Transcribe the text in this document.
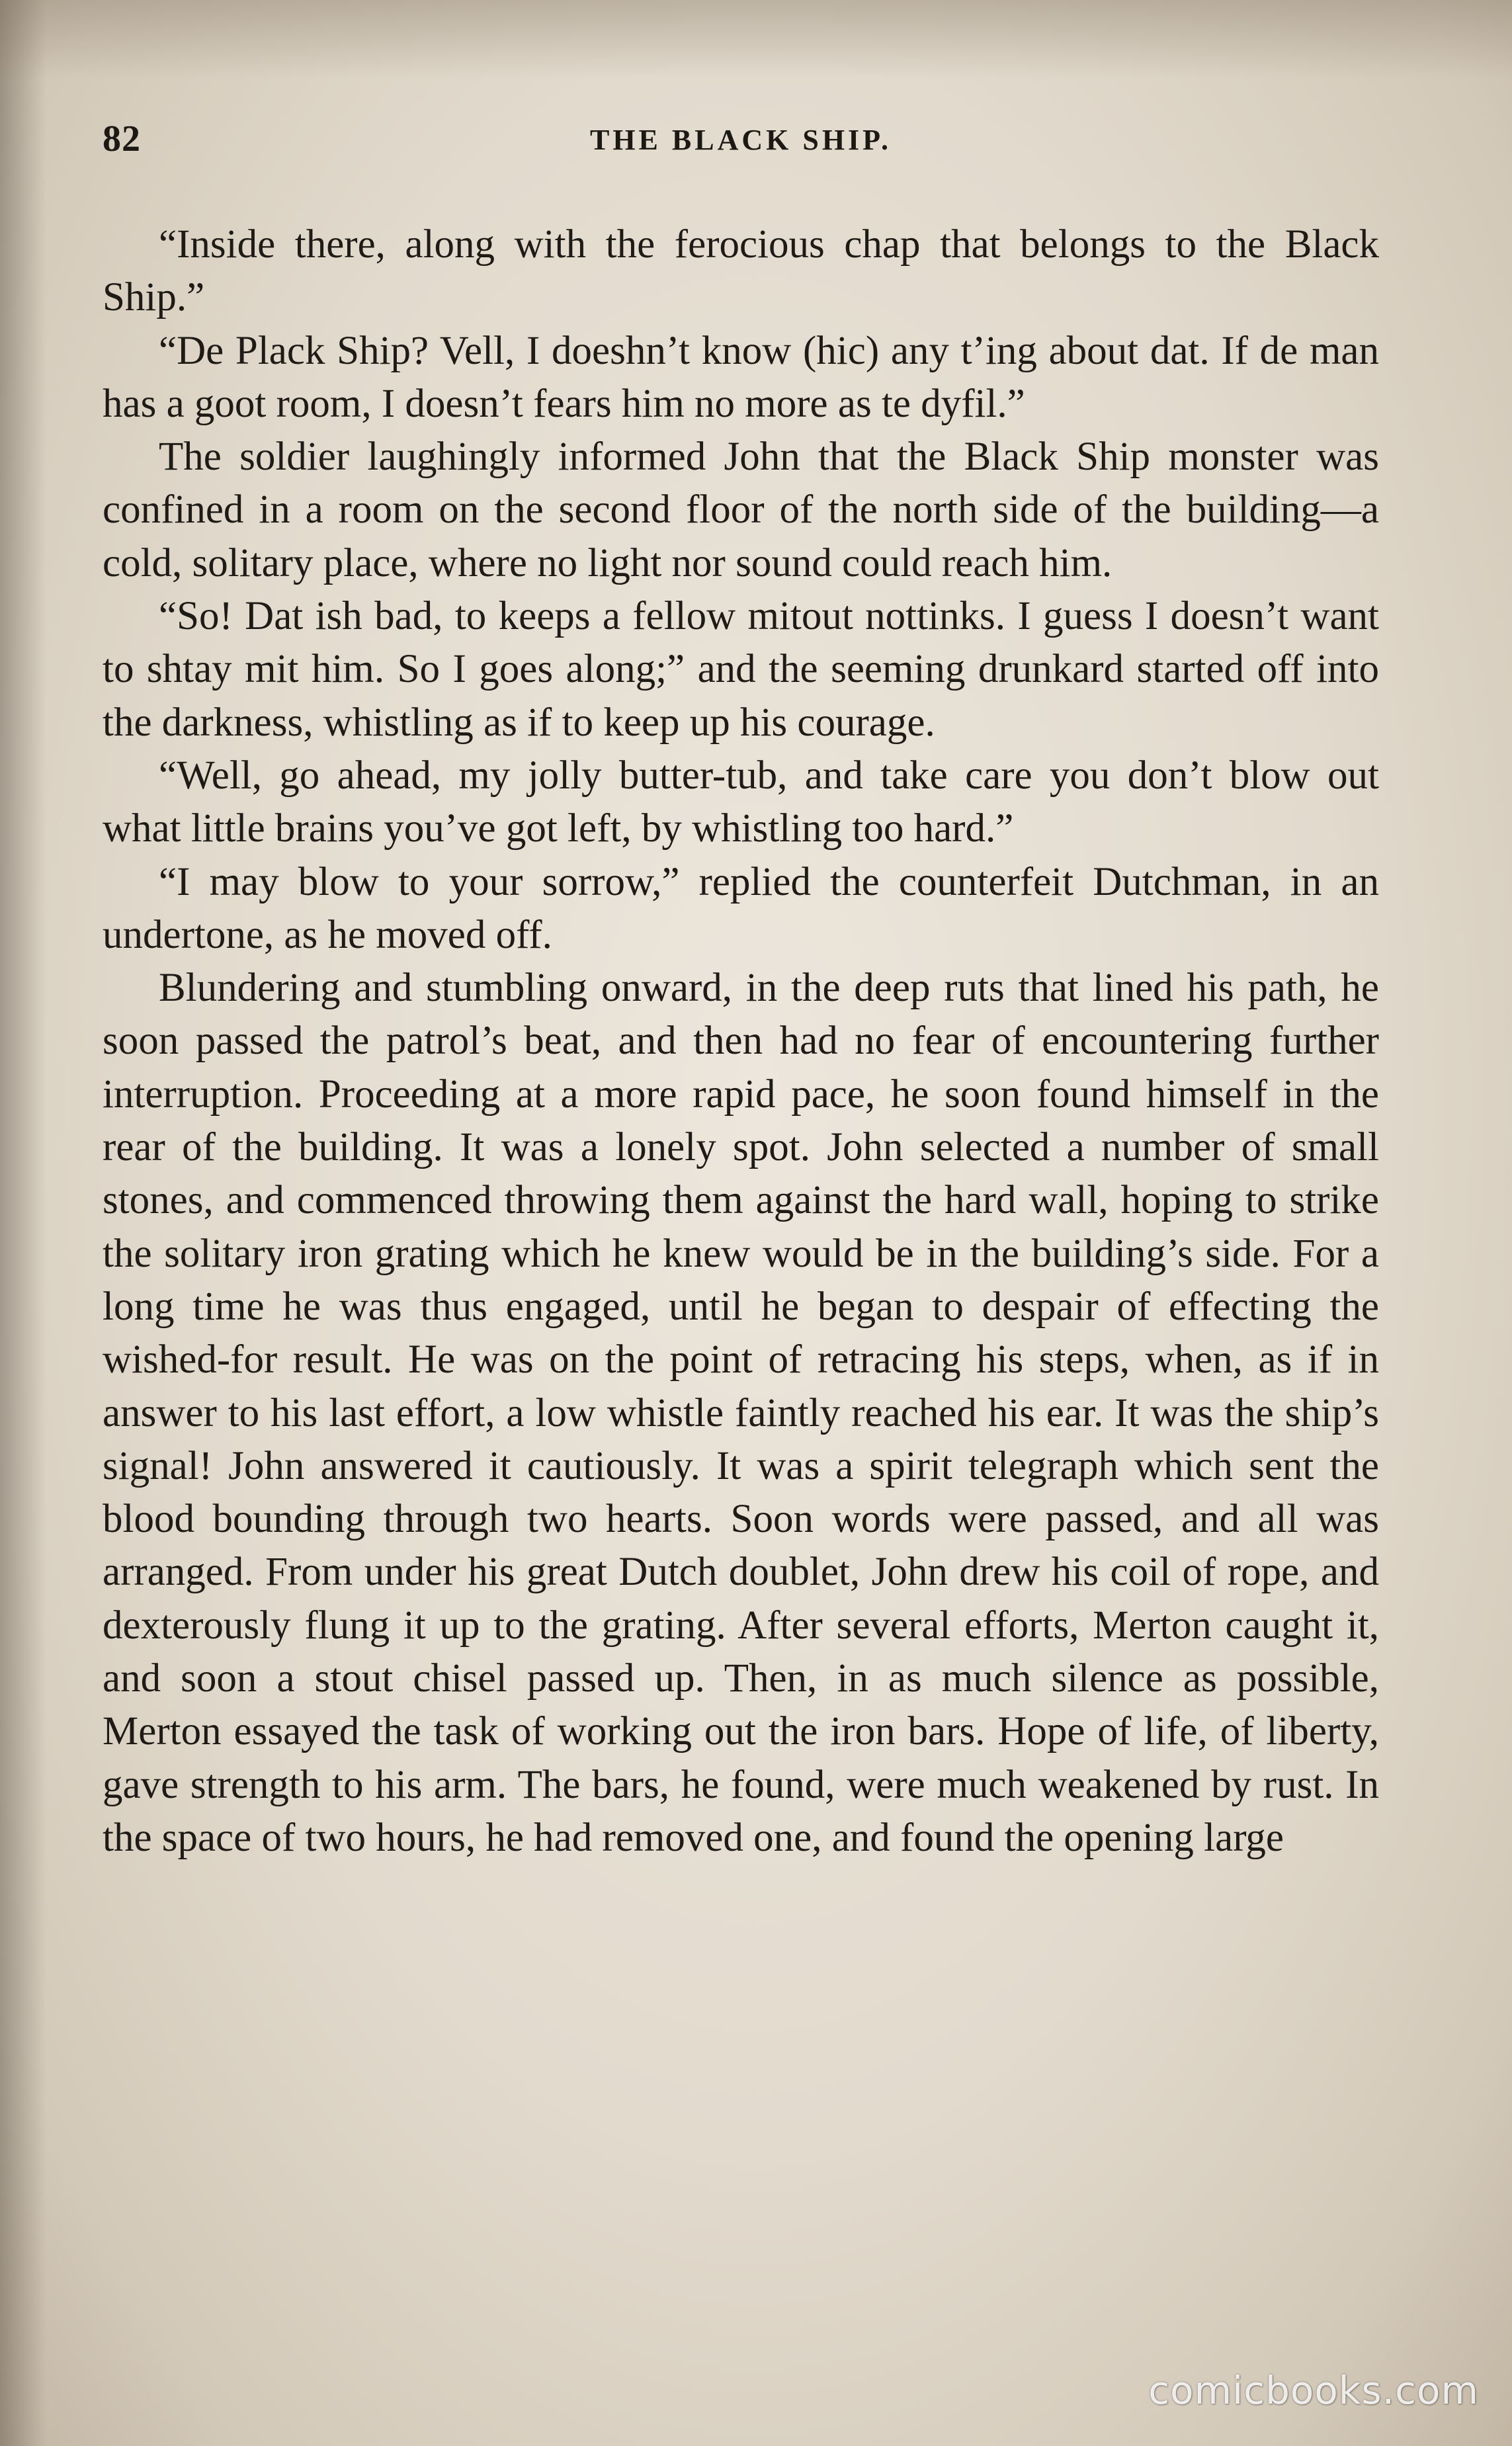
82	THE BLACK SHIP.

“Inside there, along with the ferocious chap that belongs to the Black Ship.”

“De Plack Ship? Vell, I doeshn’t know (hic) any t’ing about dat. If de man has a goot room, I doesn’t fears him no more as te dyfil.”

The soldier laughingly informed John that the Black Ship monster was confined in a room on the second floor of the north side of the building—a cold, solitary place, where no light nor sound could reach him.

“So! Dat ish bad, to keeps a fellow mitout nottinks. I guess I doesn’t want to shtay mit him. So I goes along;” and the seeming drunkard started off into the darkness, whistling as if to keep up his courage.

“Well, go ahead, my jolly butter-tub, and take care you don’t blow out what little brains you’ve got left, by whistling too hard.”

“I may blow to your sorrow,” replied the counterfeit Dutchman, in an undertone, as he moved off.

Blundering and stumbling onward, in the deep ruts that lined his path, he soon passed the patrol’s beat, and then had no fear of encountering further interruption. Proceeding at a more rapid pace, he soon found himself in the rear of the building. It was a lonely spot. John selected a number of small stones, and commenced throwing them against the hard wall, hoping to strike the solitary iron grating which he knew would be in the building’s side. For a long time he was thus engaged, until he began to despair of effecting the wished-for result. He was on the point of retracing his steps, when, as if in answer to his last effort, a low whistle faintly reached his ear. It was the ship’s signal! John answered it cautiously. It was a spirit telegraph which sent the blood bounding through two hearts. Soon words were passed, and all was arranged. From under his great Dutch doublet, John drew his coil of rope, and dexterously flung it up to the grating. After several efforts, Merton caught it, and soon a stout chisel passed up. Then, in as much silence as possible, Merton essayed the task of working out the iron bars. Hope of life, of liberty, gave strength to his arm. The bars, he found, were much weakened by rust. In the space of two hours, he had removed one, and found the opening large

comicbooks.com
